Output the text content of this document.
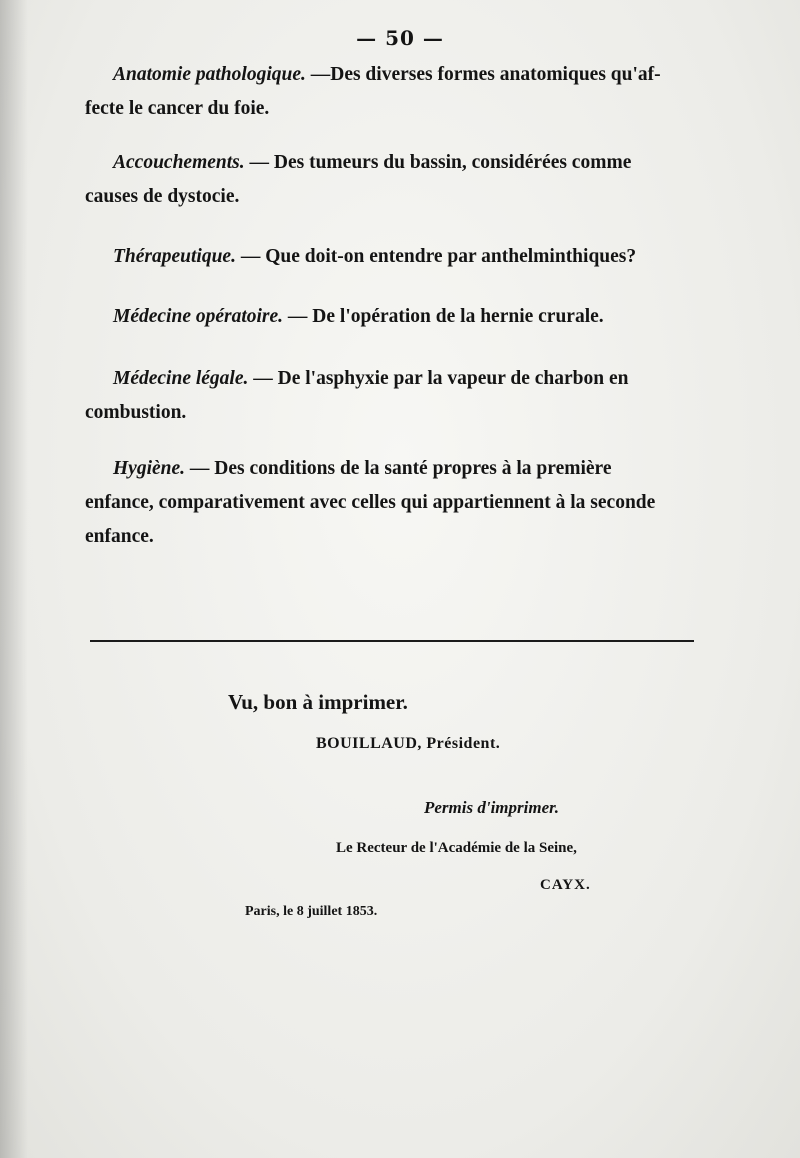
— 50 —
Anatomie pathologique. —Des diverses formes anatomiques qu'af-
fecte le cancer du foie.
Accouchements. — Des tumeurs du bassin, considérées comme
causes de dystocie.
Thérapeutique. — Que doit-on entendre par anthelminthiques?
Médecine opératoire. — De l'opération de la hernie crurale.
Médecine légale. — De l'asphyxie par la vapeur de charbon en
combustion.
Hygiène. — Des conditions de la santé propres à la première
enfance, comparativement avec celles qui appartiennent à la seconde
enfance.
Vu, bon à imprimer.
BOUILLAUD, Président.
Permis d'imprimer.
Le Recteur de l'Académie de la Seine,
CAYX.
Paris, le 8 juillet 1853.
